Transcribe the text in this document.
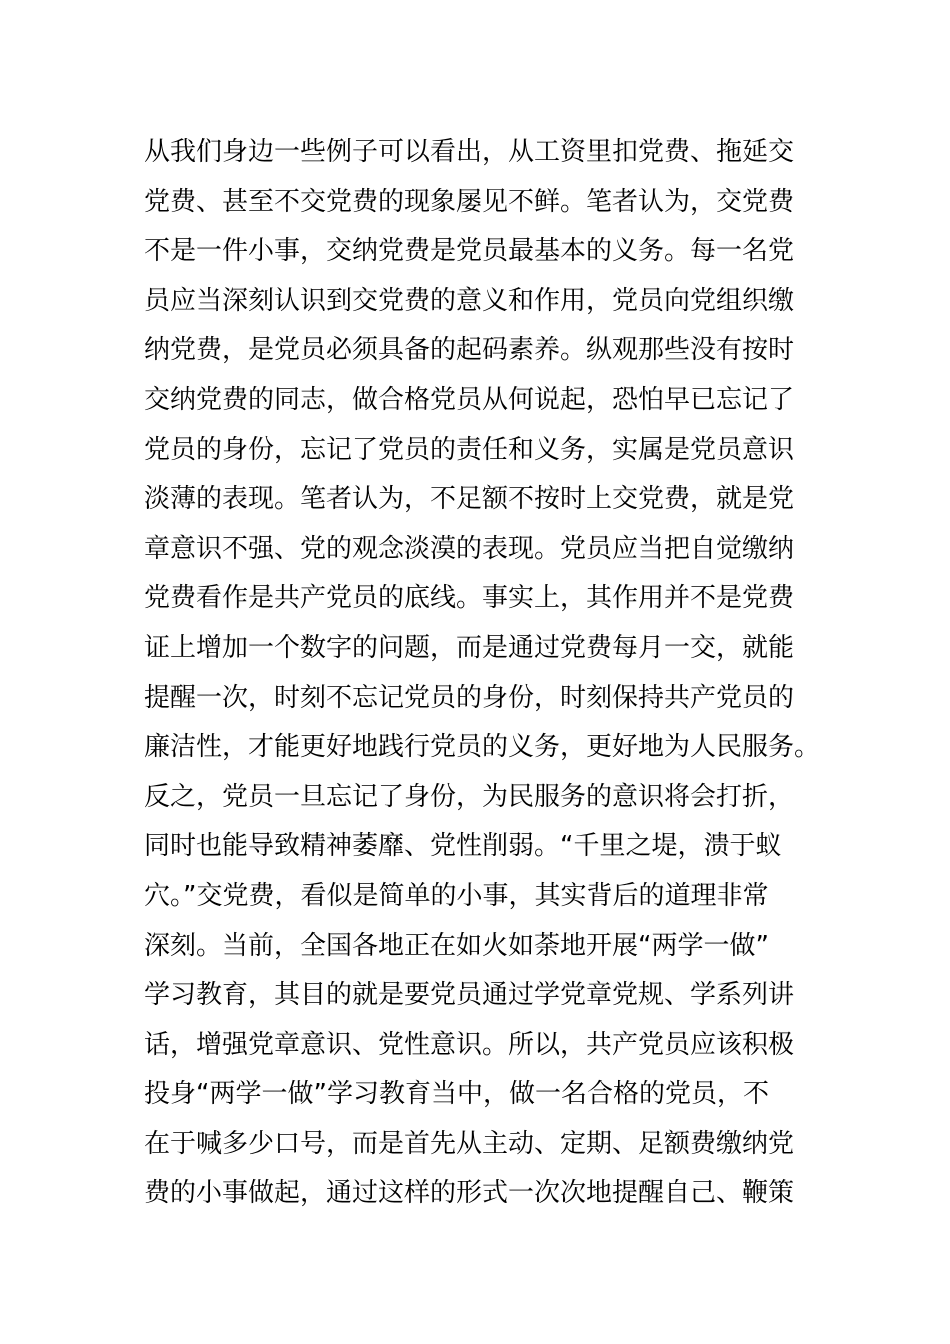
从我们身边一些例子可以看出，从工资里扣党费、拖延交
党费、甚至不交党费的现象屡见不鲜。笔者认为，交党费
不是一件小事，交纳党费是党员最基本的义务。每一名党
员应当深刻认识到交党费的意义和作用，党员向党组织缴
纳党费，是党员必须具备的起码素养。纵观那些没有按时
交纳党费的同志，做合格党员从何说起，恐怕早已忘记了
党员的身份，忘记了党员的责任和义务，实属是党员意识
淡薄的表现。笔者认为，不足额不按时上交党费，就是党
章意识不强、党的观念淡漠的表现。党员应当把自觉缴纳
党费看作是共产党员的底线。事实上，其作用并不是党费
证上增加一个数字的问题，而是通过党费每月一交，就能
提醒一次，时刻不忘记党员的身份，时刻保持共产党员的
廉洁性，才能更好地践行党员的义务，更好地为人民服务。
反之，党员一旦忘记了身份，为民服务的意识将会打折，
同时也能导致精神萎靡、党性削弱。“千里之堤，溃于蚁
穴。”交党费，看似是简单的小事，其实背后的道理非常
深刻。当前，全国各地正在如火如荼地开展“两学一做”
学习教育，其目的就是要党员通过学党章党规、学系列讲
话，增强党章意识、党性意识。所以，共产党员应该积极
投身“两学一做”学习教育当中，做一名合格的党员，不
在于喊多少口号，而是首先从主动、定期、足额费缴纳党
费的小事做起，通过这样的形式一次次地提醒自己、鞭策
